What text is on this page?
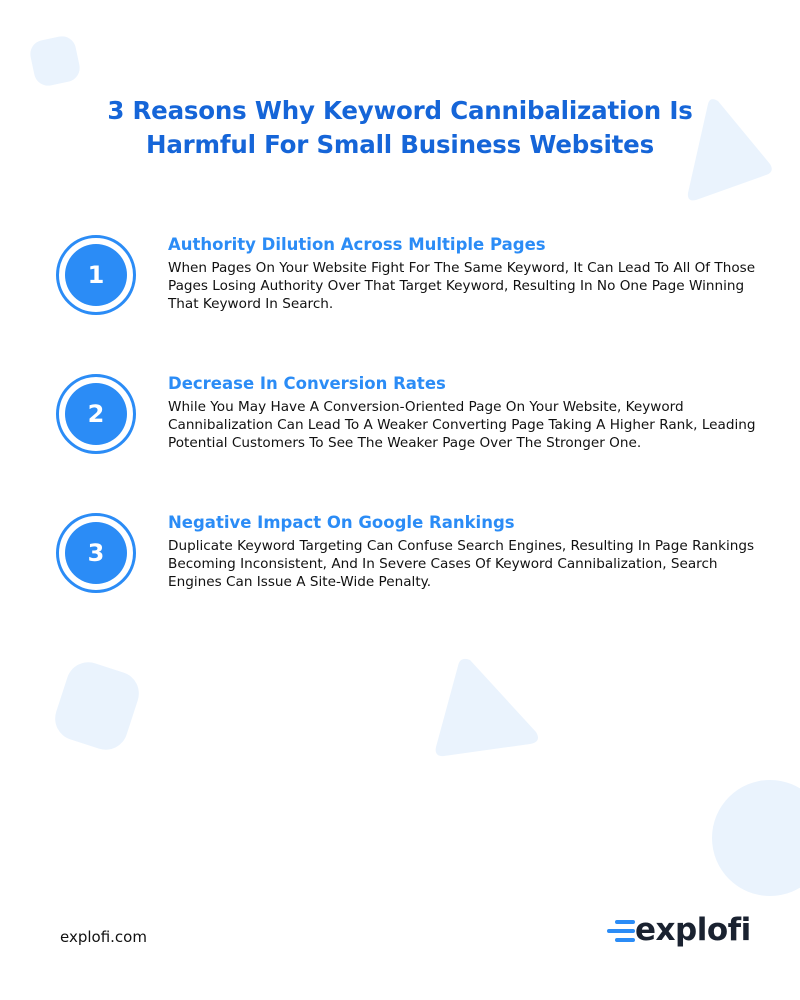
3 Reasons Why Keyword Cannibalization Is
Harmful For Small Business Websites
1
Authority Dilution Across Multiple Pages

When Pages On Your Website Fight For The Same Keyword, It Can Lead To All Of Those Pages Losing Authority Over That Target Keyword, Resulting In No One Page Winning That Keyword In Search.

2
Decrease In Conversion Rates

While You May Have A Conversion-Oriented Page On Your Website, Keyword Cannibalization Can Lead To A Weaker Converting Page Taking A Higher Rank, Leading Potential Customers To See The Weaker Page Over The Stronger One.

3
Negative Impact On Google Rankings

Duplicate Keyword Targeting Can Confuse Search Engines, Resulting In Page Rankings Becoming Inconsistent, And In Severe Cases Of Keyword Cannibalization, Search Engines Can Issue A Site-Wide Penalty.

explofi.com	explofi
